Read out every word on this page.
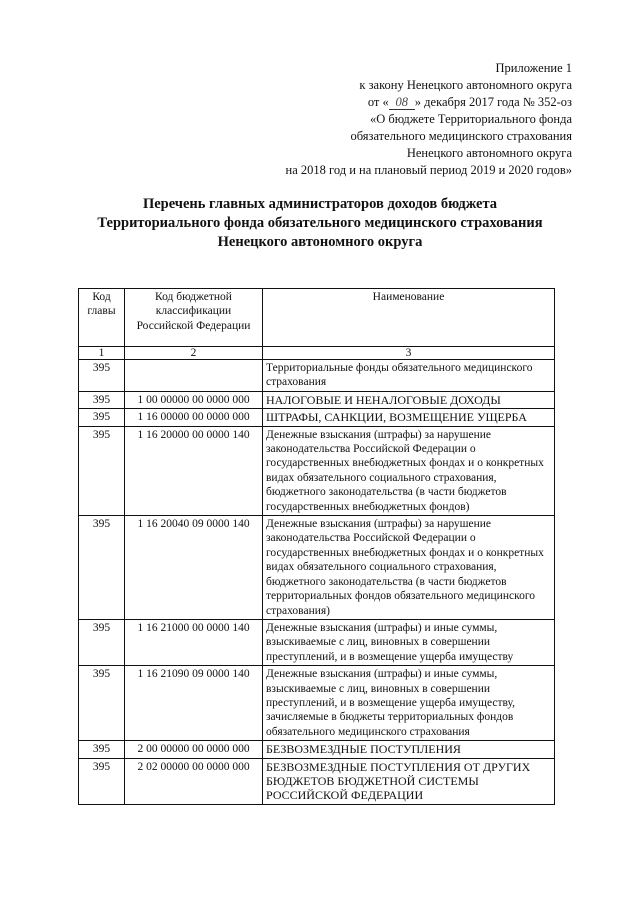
Приложение 1
к закону Ненецкого автономного округа
от « 08 » декабря 2017 года № 352-оз
«О бюджете Территориального фонда
обязательного медицинского страхования
Ненецкого автономного округа
на 2018 год и на плановый период 2019 и 2020 годов»
Перечень главных администраторов доходов бюджета
Территориального фонда обязательного медицинского страхования
Ненецкого автономного округа
Код главы	Код бюджетной классификации Российской Федерации	Наименование
1	2	3
395		Территориальные фонды обязательного медицинского страхования
395	1 00 00000 00 0000 000	НАЛОГОВЫЕ И НЕНАЛОГОВЫЕ ДОХОДЫ
395	1 16 00000 00 0000 000	ШТРАФЫ, САНКЦИИ, ВОЗМЕЩЕНИЕ УЩЕРБА
395	1 16 20000 00 0000 140	Денежные взыскания (штрафы) за нарушение законодательства Российской Федерации о государственных внебюджетных фондах и о конкретных видах обязательного социального страхования, бюджетного законодательства (в части бюджетов государственных внебюджетных фондов)
395	1 16 20040 09 0000 140	Денежные взыскания (штрафы) за нарушение законодательства Российской Федерации о государственных внебюджетных фондах и о конкретных видах обязательного социального страхования, бюджетного законодательства (в части бюджетов территориальных фондов обязательного медицинского страхования)
395	1 16 21000 00 0000 140	Денежные взыскания (штрафы) и иные суммы, взыскиваемые с лиц, виновных в совершении преступлений, и в возмещение ущерба имуществу
395	1 16 21090 09 0000 140	Денежные взыскания (штрафы) и иные суммы, взыскиваемые с лиц, виновных в совершении преступлений, и в возмещение ущерба имуществу, зачисляемые в бюджеты территориальных фондов обязательного медицинского страхования
395	2 00 00000 00 0000 000	БЕЗВОЗМЕЗДНЫЕ ПОСТУПЛЕНИЯ
395	2 02 00000 00 0000 000	БЕЗВОЗМЕЗДНЫЕ ПОСТУПЛЕНИЯ ОТ ДРУГИХ БЮДЖЕТОВ БЮДЖЕТНОЙ СИСТЕМЫ РОССИЙСКОЙ ФЕДЕРАЦИИ
